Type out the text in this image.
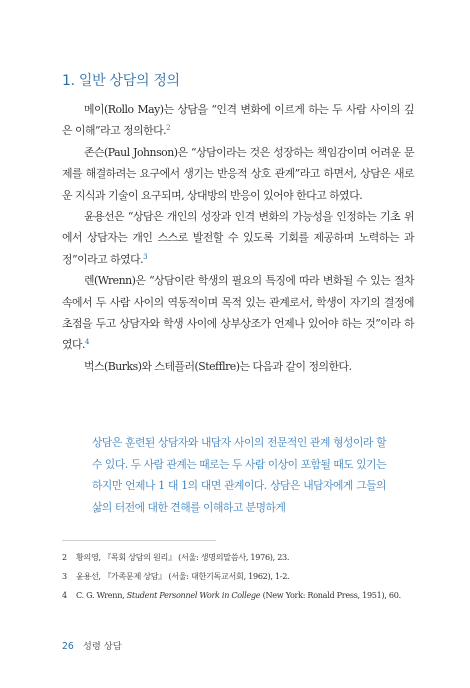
1. 일반 상담의 정의

메이(Rollo May)는 상담을 “인격 변화에 이르게 하는 두 사람 사이의 깊은 이해”라고 정의한다.$^2$

존슨(Paul Johnson)은 “상담이라는 것은 성장하는 책임감이며 어려운 문제를 해결하려는 요구에서 생기는 반응적 상호 관계”라고 하면서, 상담은 새로운 지식과 기술이 요구되며, 상대방의 반응이 있어야 한다고 하였다.

윤용선은 “상담은 개인의 성장과 인격 변화의 가능성을 인정하는 기초 위에서 상담자는 개인 스스로 발전할 수 있도록 기회를 제공하며 노력하는 과정”이라고 하였다.$^3$

렌(Wrenn)은 “상담이란 학생의 필요의 특징에 따라 변화될 수 있는 절차 속에서 두 사람 사이의 역동적이며 목적 있는 관계로서, 학생이 자기의 결정에 초점을 두고 상담자와 학생 사이에 상부상조가 언제나 있어야 하는 것”이라 하였다.$^4$

벅스(Burks)와 스테플러(Stefflre)는 다음과 같이 정의한다.

상담은 훈련된 상담자와 내담자 사이의 전문적인 관계 형성이라 할 수 있다. 두 사람 관계는 때로는 두 사람 이상이 포함될 때도 있기는 하지만 언제나 1 대 1의 대면 관계이다. 상담은 내담자에게 그들의 삶의 터전에 대한 견해를 이해하고 분명하게
2 황의영, 『목회 상담의 원리』 (서울: 생명의말씀사, 1976), 23.
3 윤용선, 『가족문제 상담』 (서울: 대한기독교서회, 1962), 1-2.
4 C. G. Wrenn, Student Personnel Work in College (New York: Ronald Press, 1951), 60.
26 성령 상담
